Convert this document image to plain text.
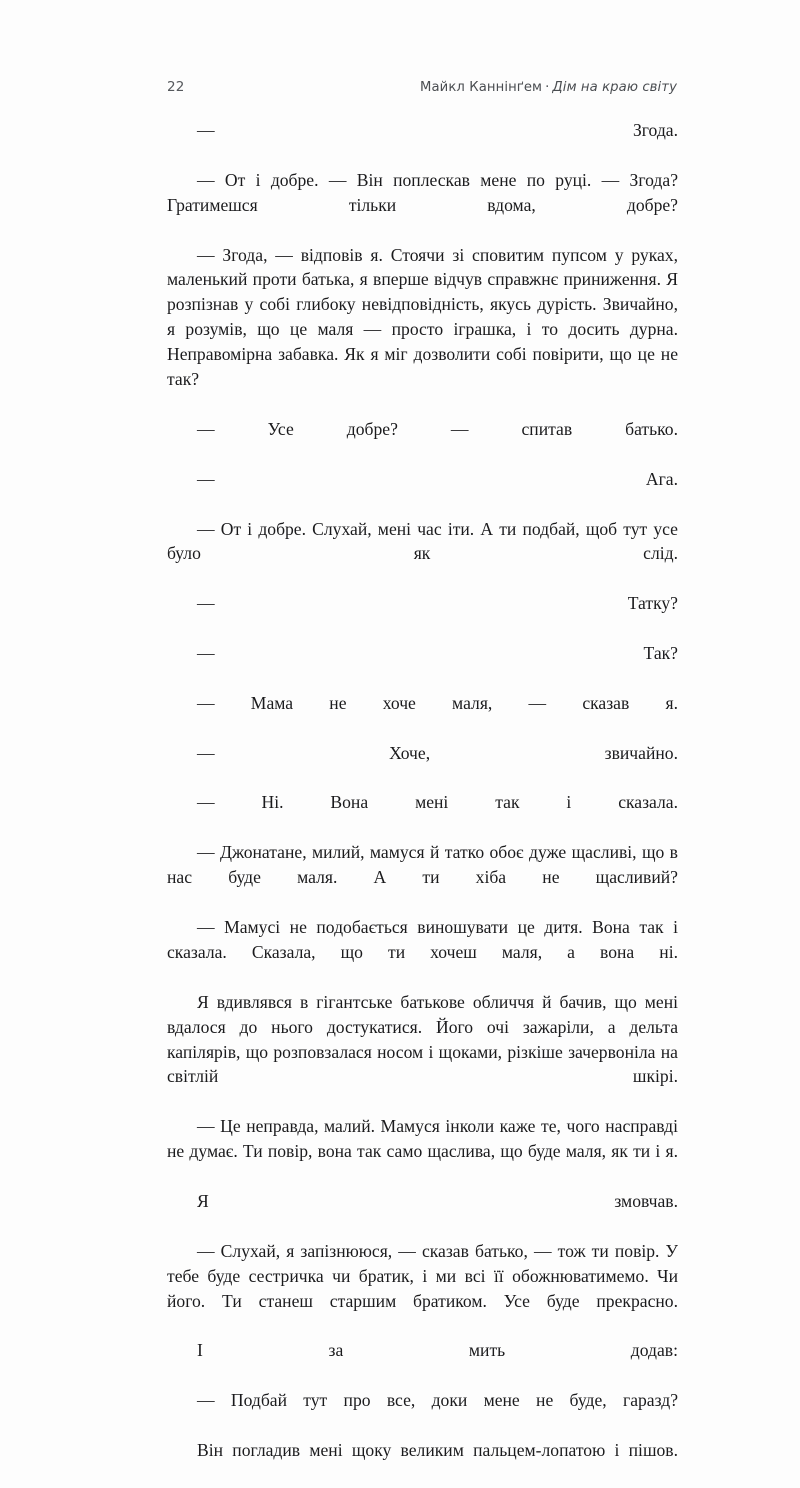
22	Майкл Каннінґем · Дім на краю світу

— Згода.

— От і добре. — Він поплескав мене по руці. — Згода? Гратимешся тільки вдома, добре?

— Згода, — відповів я. Стоячи зі сповитим пупсом у руках, маленький проти батька, я вперше відчув справжнє приниження. Я розпізнав у собі глибоку невідповідність, якусь дурість. Звичайно, я розумів, що це маля — просто іграшка, і то досить дурна. Неправомірна забавка. Як я міг дозволити собі повірити, що це не так?

— Усе добре? — спитав батько.

— Ага.

— От і добре. Слухай, мені час іти. А ти подбай, щоб тут усе було як слід.

— Татку?

— Так?

— Мама не хоче маля, — сказав я.

— Хоче, звичайно.

— Ні. Вона мені так і сказала.

— Джонатане, милий, мамуся й татко обоє дуже щасливі, що в нас буде маля. А ти хіба не щасливий?

— Мамусі не подобається виношувати це дитя. Вона так і сказала. Сказала, що ти хочеш маля, а вона ні.

Я вдивлявся в гігантське батькове обличчя й бачив, що мені вдалося до нього достукатися. Його очі зажаріли, а дельта капілярів, що розповзалася носом і щоками, різкіше зачервоніла на світлій шкірі.

— Це неправда, малий. Мамуся інколи каже те, чого насправді не думає. Ти повір, вона так само щаслива, що буде маля, як ти і я.

Я змовчав.

— Слухай, я запізнююся, — сказав батько, — тож ти повір. У тебе буде сестричка чи братик, і ми всі її обожнюватимемо. Чи його. Ти станеш старшим братиком. Усе буде прекрасно.

І за мить додав:

— Подбай тут про все, доки мене не буде, гаразд?

Він погладив мені щоку великим пальцем-лопатою і пішов.
